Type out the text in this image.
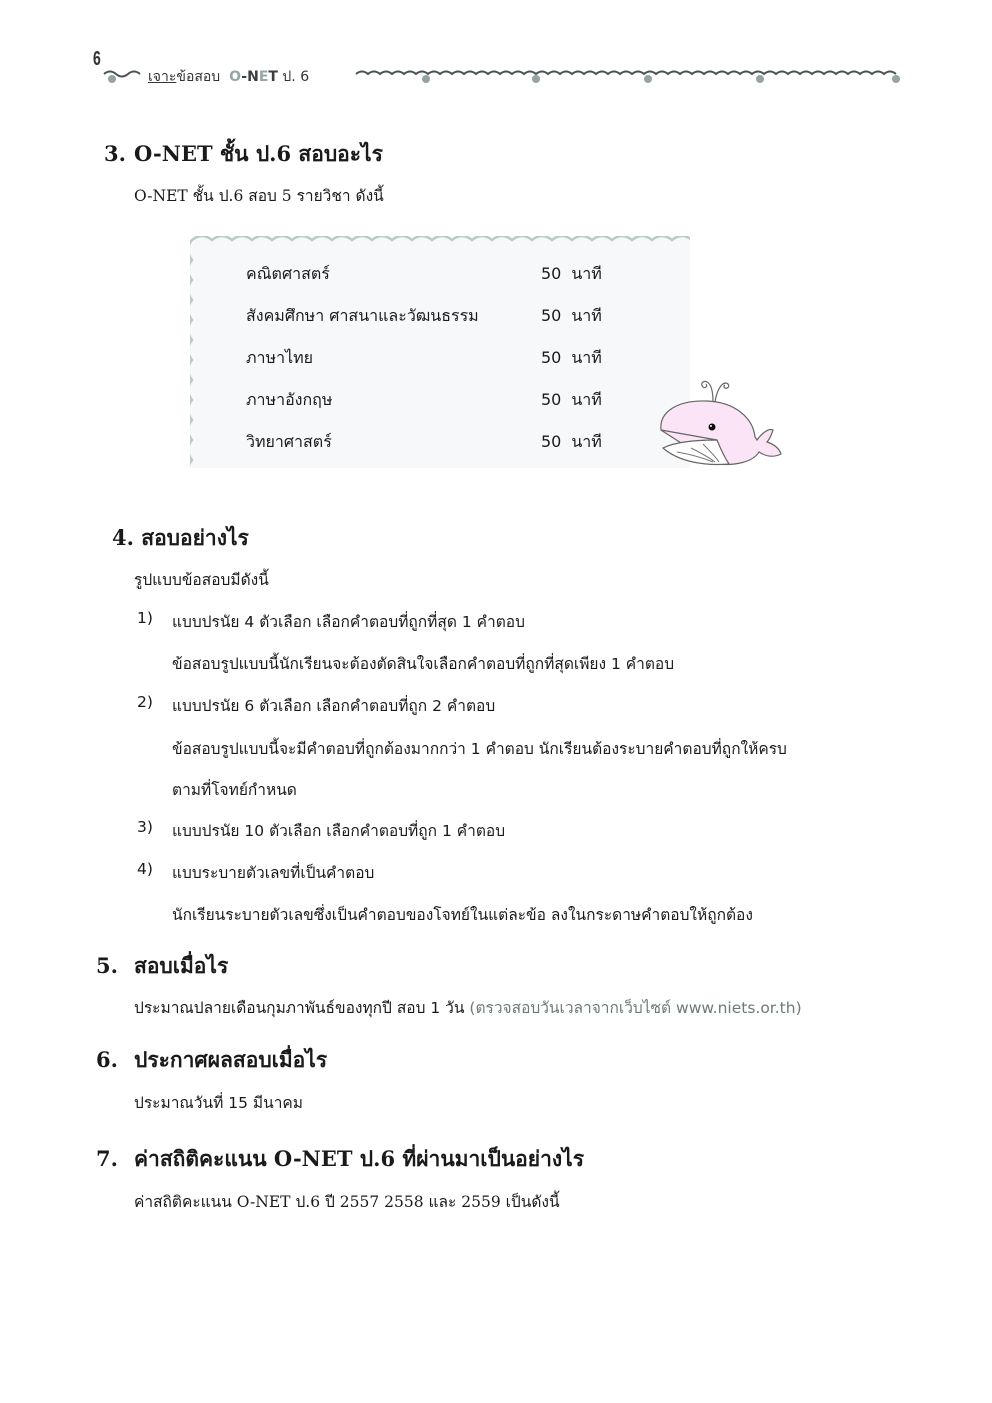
6
เจาะข้อสอบ O-NET ป. 6
3. O-NET ชั้น ป.6 สอบอะไร
O-NET ชั้น ป.6 สอบ 5 รายวิชา ดังนี้
คณิตศาสตร์	50 นาที
สังคมศึกษา ศาสนาและวัฒนธรรม	50 นาที
ภาษาไทย	50 นาที
ภาษาอังกฤษ	50 นาที
วิทยาศาสตร์	50 นาที
4. สอบอย่างไร
รูปแบบข้อสอบมีดังนี้
1) แบบปรนัย 4 ตัวเลือก เลือกคำตอบที่ถูกที่สุด 1 คำตอบ
ข้อสอบรูปแบบนี้นักเรียนจะต้องตัดสินใจเลือกคำตอบที่ถูกที่สุดเพียง 1 คำตอบ
2) แบบปรนัย 6 ตัวเลือก เลือกคำตอบที่ถูก 2 คำตอบ
ข้อสอบรูปแบบนี้จะมีคำตอบที่ถูกต้องมากกว่า 1 คำตอบ นักเรียนต้องระบายคำตอบที่ถูกให้ครบ
ตามที่โจทย์กำหนด
3) แบบปรนัย 10 ตัวเลือก เลือกคำตอบที่ถูก 1 คำตอบ
4) แบบระบายตัวเลขที่เป็นคำตอบ
นักเรียนระบายตัวเลขซึ่งเป็นคำตอบของโจทย์ในแต่ละข้อ ลงในกระดาษคำตอบให้ถูกต้อง
5. สอบเมื่อไร
ประมาณปลายเดือนกุมภาพันธ์ของทุกปี สอบ 1 วัน (ตรวจสอบวันเวลาจากเว็บไซต์ www.niets.or.th)
6. ประกาศผลสอบเมื่อไร
ประมาณวันที่ 15 มีนาคม
7. ค่าสถิติคะแนน O-NET ป.6 ที่ผ่านมาเป็นอย่างไร
ค่าสถิติคะแนน O-NET ป.6 ปี 2557 2558 และ 2559 เป็นดังนี้
